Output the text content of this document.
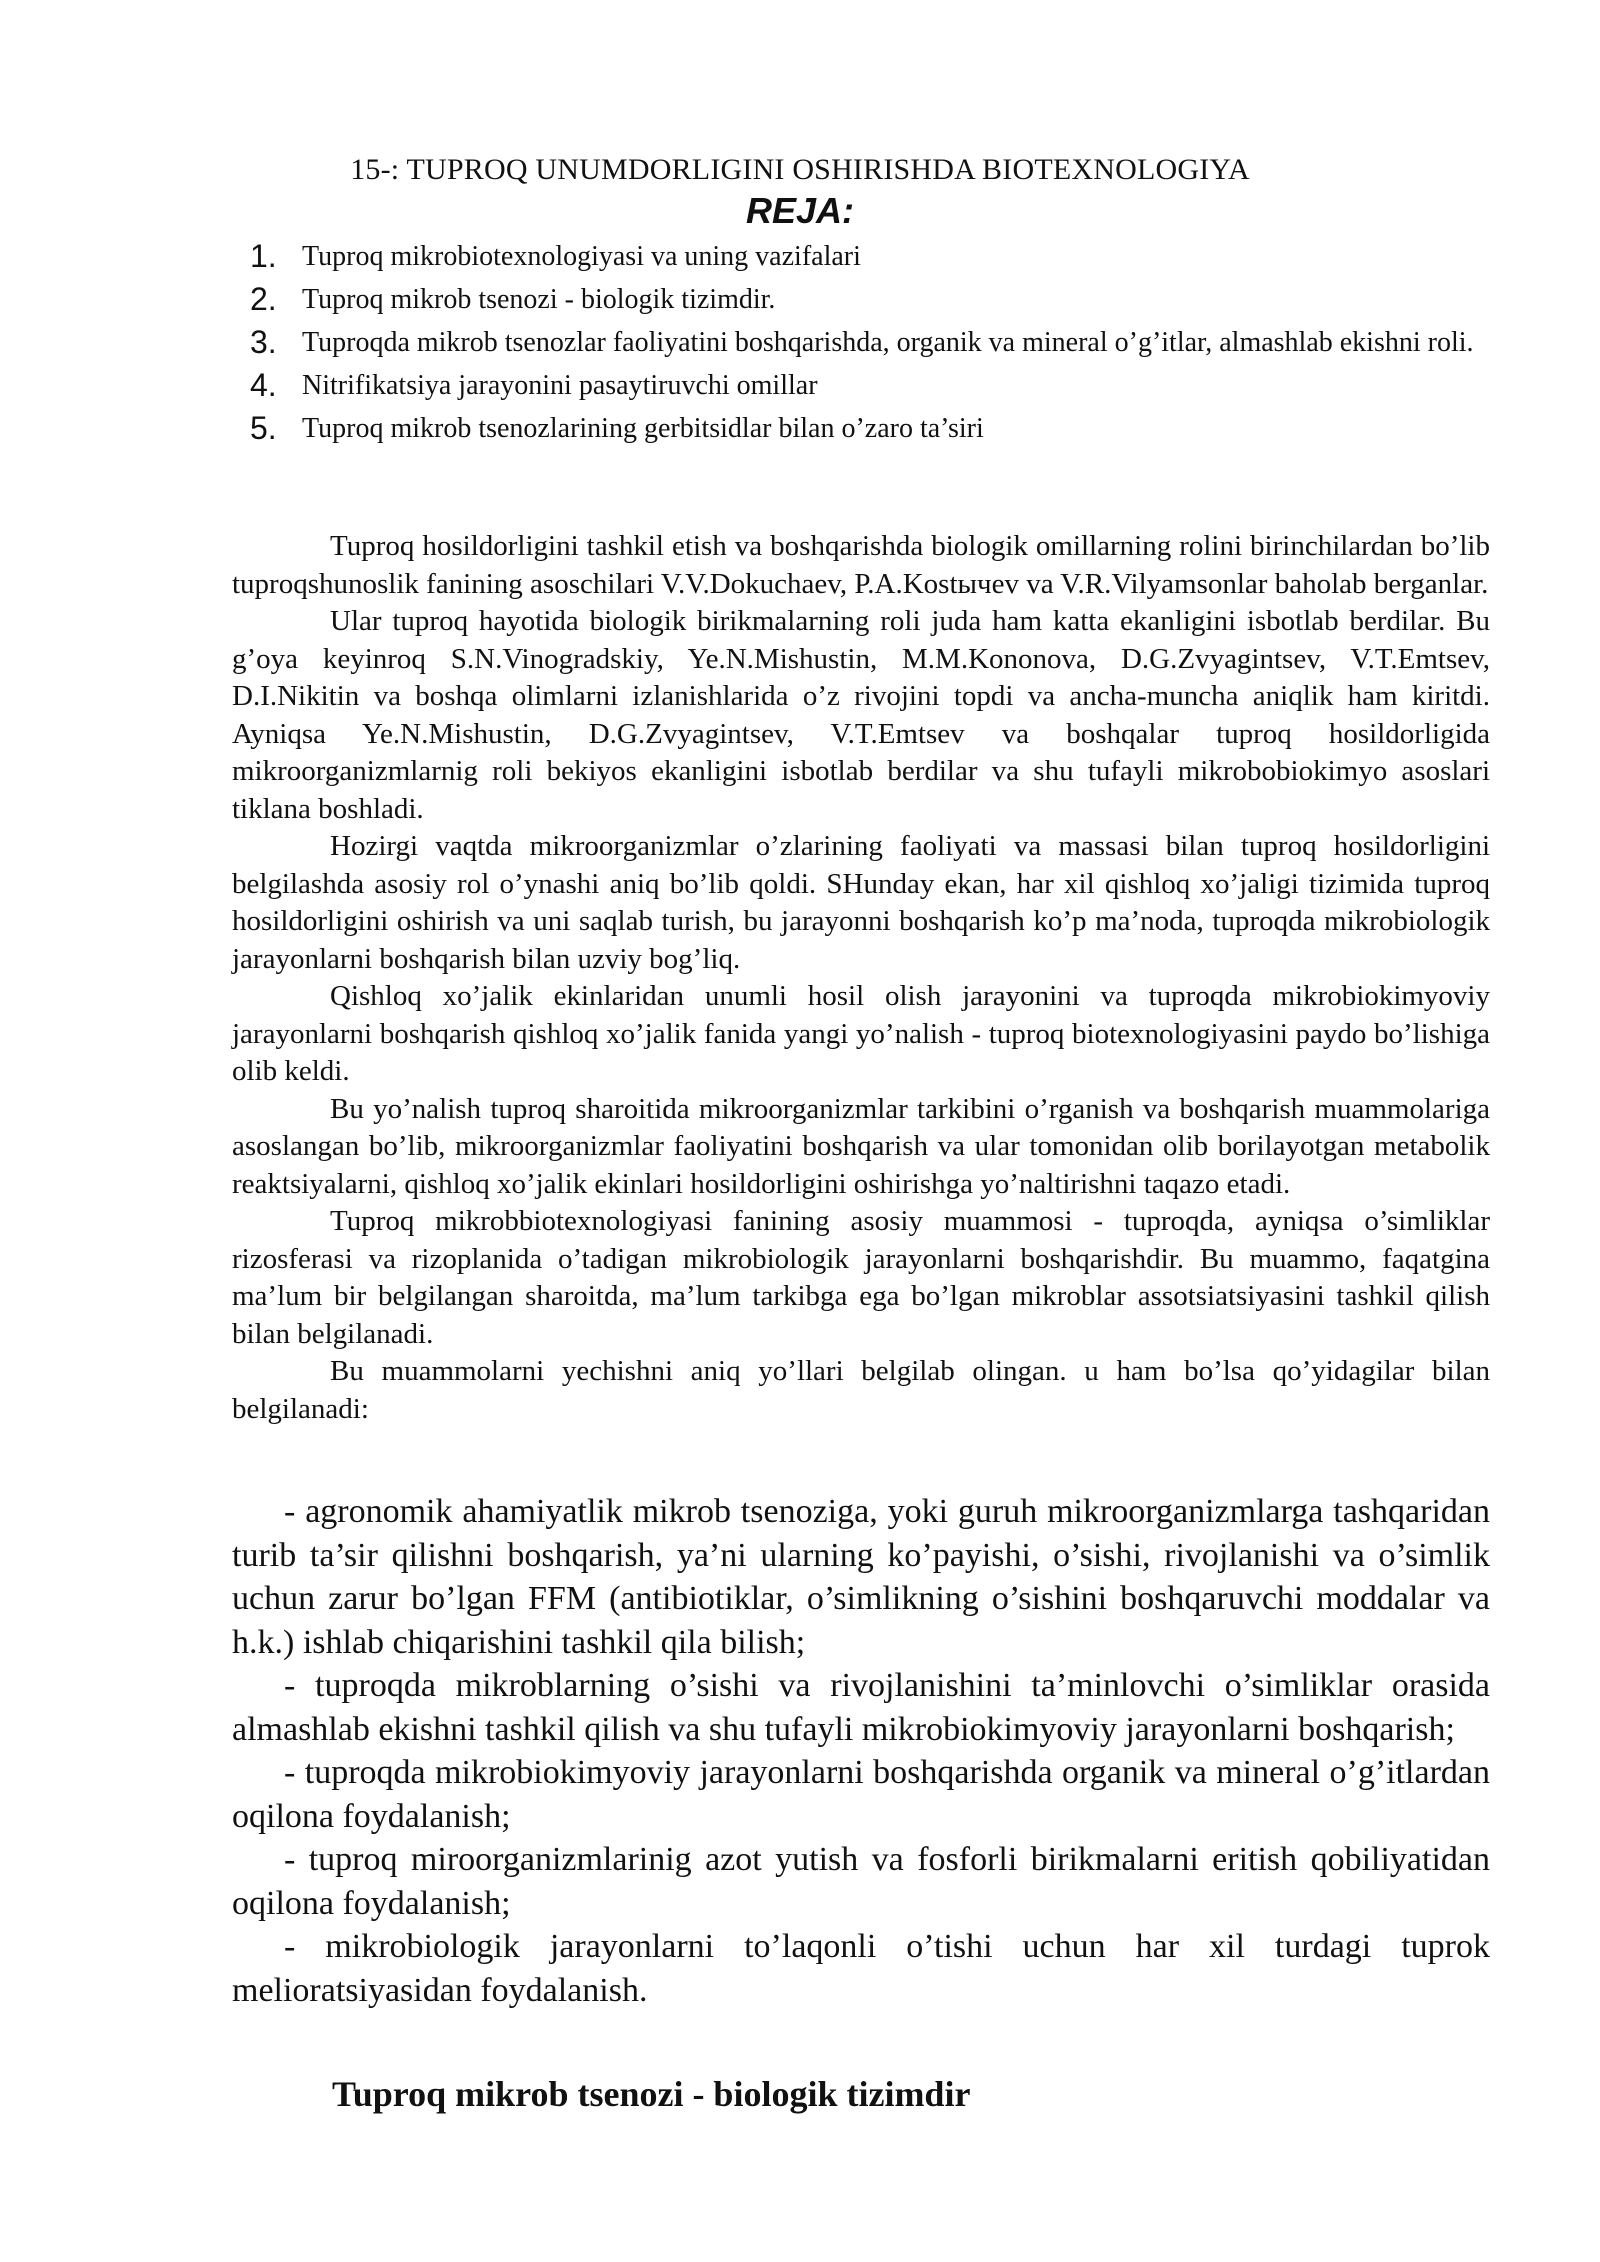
15-: TUPROQ UNUMDORLIGINI OSHIRISHDA BIOTEXNOLOGIYA
REJA:
1. Tuproq mikrobiotexnologiyasi va uning vazifalari
2. Tuproq mikrob tsenozi - biologik tizimdir.
3. Tuproqda mikrob tsenozlar faoliyatini boshqarishda, organik va mineral o’g’itlar, almashlab ekishni roli.
4. Nitrifikatsiya jarayonini pasaytiruvchi omillar
5. Tuproq mikrob tsenozlarining gerbitsidlar bilan o’zaro ta’siri

Tuproq hosildorligini tashkil etish va boshqarishda biologik omillarning rolini birinchilardan bo’lib tuproqshunoslik fanining asoschilari V.V.Dokuchaev, P.A.Kostычev va V.R.Vilyamsonlar baholab berganlar.

Ular tuproq hayotida biologik birikmalarning roli juda ham katta ekanligini isbotlab berdilar. Bu g’oya keyinroq S.N.Vinogradskiy, Ye.N.Mishustin, M.M.Kononova, D.G.Zvyagintsev, V.T.Emtsev, D.I.Nikitin va boshqa olimlarni izlanishlarida o’z rivojini topdi va ancha-muncha aniqlik ham kiritdi. Ayniqsa Ye.N.Mishustin, D.G.Zvyagintsev, V.T.Emtsev va boshqalar tuproq hosildorligida mikroorganizmlarnig roli bekiyos ekanligini isbotlab berdilar va shu tufayli mikrobobiokimyo asoslari tiklana boshladi.

Hozirgi vaqtda mikroorganizmlar o’zlarining faoliyati va massasi bilan tuproq hosildorligini belgilashda asosiy rol o’ynashi aniq bo’lib qoldi. SHunday ekan, har xil qishloq xo’jaligi tizimida tuproq hosildorligini oshirish va uni saqlab turish, bu jarayonni boshqarish ko’p ma’noda, tuproqda mikrobiologik jarayonlarni boshqarish bilan uzviy bog’liq.

Qishloq xo’jalik ekinlaridan unumli hosil olish jarayonini va tuproqda mikrobiokimyoviy jarayonlarni boshqarish qishloq xo’jalik fanida yangi yo’nalish - tuproq biotexnologiyasini paydo bo’lishiga olib keldi.

Bu yo’nalish tuproq sharoitida mikroorganizmlar tarkibini o’rganish va boshqarish muammolariga asoslangan bo’lib, mikroorganizmlar faoliyatini boshqarish va ular tomonidan olib borilayotgan metabolik reaktsiyalarni, qishloq xo’jalik ekinlari hosildorligini oshirishga yo’naltirishni taqazo etadi.

Tuproq mikrobbiotexnologiyasi fanining asosiy muammosi - tuproqda, ayniqsa o’simliklar rizosferasi va rizoplanida o’tadigan mikrobiologik jarayonlarni boshqarishdir. Bu muammo, faqatgina ma’lum bir belgilangan sharoitda, ma’lum tarkibga ega bo’lgan mikroblar assotsiatsiyasini tashkil qilish bilan belgilanadi.

Bu muammolarni yechishni aniq yo’llari belgilab olingan. u ham bo’lsa qo’yidagilar bilan belgilanadi:

- agronomik ahamiyatlik mikrob tsenoziga, yoki guruh mikroorganizmlarga tashqaridan turib ta’sir qilishni boshqarish, ya’ni ularning ko’payishi, o’sishi, rivojlanishi va o’simlik uchun zarur bo’lgan FFM (antibiotiklar, o’simlikning o’sishini boshqaruvchi moddalar va h.k.) ishlab chiqarishini tashkil qila bilish;

- tuproqda mikroblarning o’sishi va rivojlanishini ta’minlovchi o’simliklar orasida almashlab ekishni tashkil qilish va shu tufayli mikrobiokimyoviy jarayonlarni boshqarish;

- tuproqda mikrobiokimyoviy jarayonlarni boshqarishda organik va mineral o’g’itlardan oqilona foydalanish;

- tuproq miroorganizmlarinig azot yutish va fosforli birikmalarni eritish qobiliyatidan oqilona foydalanish;

- mikrobiologik jarayonlarni to’laqonli o’tishi uchun har xil turdagi tuprok melioratsiyasidan foydalanish.

Tuproq mikrob tsenozi - biologik tizimdir
